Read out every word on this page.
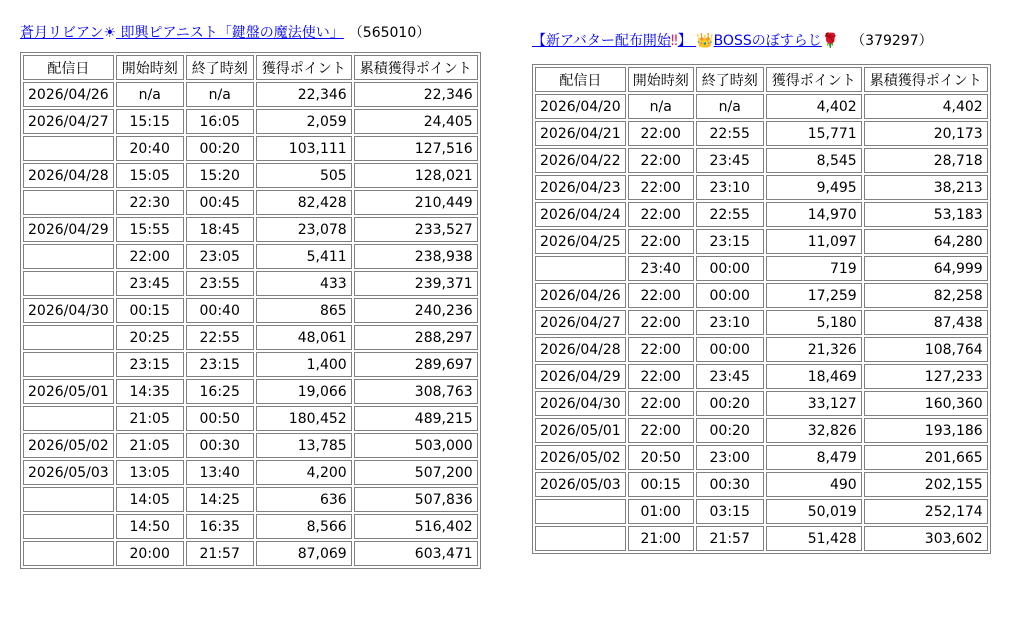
蒼月リビアン☀ 即興ピアニスト「鍵盤の魔法使い」 （565010）
配信日	開始時刻	終了時刻	獲得ポイント	累積獲得ポイント
2026/04/26	n/a	n/a	22,346	22,346
2026/04/27	15:15	16:05	2,059	24,405
	20:40	00:20	103,111	127,516
2026/04/28	15:05	15:20	505	128,021
	22:30	00:45	82,428	210,449
2026/04/29	15:55	18:45	23,078	233,527
	22:00	23:05	5,411	238,938
	23:45	23:55	433	239,371
2026/04/30	00:15	00:40	865	240,236
	20:25	22:55	48,061	288,297
	23:15	23:15	1,400	289,697
2026/05/01	14:35	16:25	19,066	308,763
	21:05	00:50	180,452	489,215
2026/05/02	21:05	00:30	13,785	503,000
2026/05/03	13:05	13:40	4,200	507,200
	14:05	14:25	636	507,836
	14:50	16:35	8,566	516,402
	20:00	21:57	87,069	603,471
【新アバター配布開始‼】 👑BOSSのぼすらじ🌹 （379297）
配信日	開始時刻	終了時刻	獲得ポイント	累積獲得ポイント
2026/04/20	n/a	n/a	4,402	4,402
2026/04/21	22:00	22:55	15,771	20,173
2026/04/22	22:00	23:45	8,545	28,718
2026/04/23	22:00	23:10	9,495	38,213
2026/04/24	22:00	22:55	14,970	53,183
2026/04/25	22:00	23:15	11,097	64,280
	23:40	00:00	719	64,999
2026/04/26	22:00	00:00	17,259	82,258
2026/04/27	22:00	23:10	5,180	87,438
2026/04/28	22:00	00:00	21,326	108,764
2026/04/29	22:00	23:45	18,469	127,233
2026/04/30	22:00	00:20	33,127	160,360
2026/05/01	22:00	00:20	32,826	193,186
2026/05/02	20:50	23:00	8,479	201,665
2026/05/03	00:15	00:30	490	202,155
	01:00	03:15	50,019	252,174
	21:00	21:57	51,428	303,602
